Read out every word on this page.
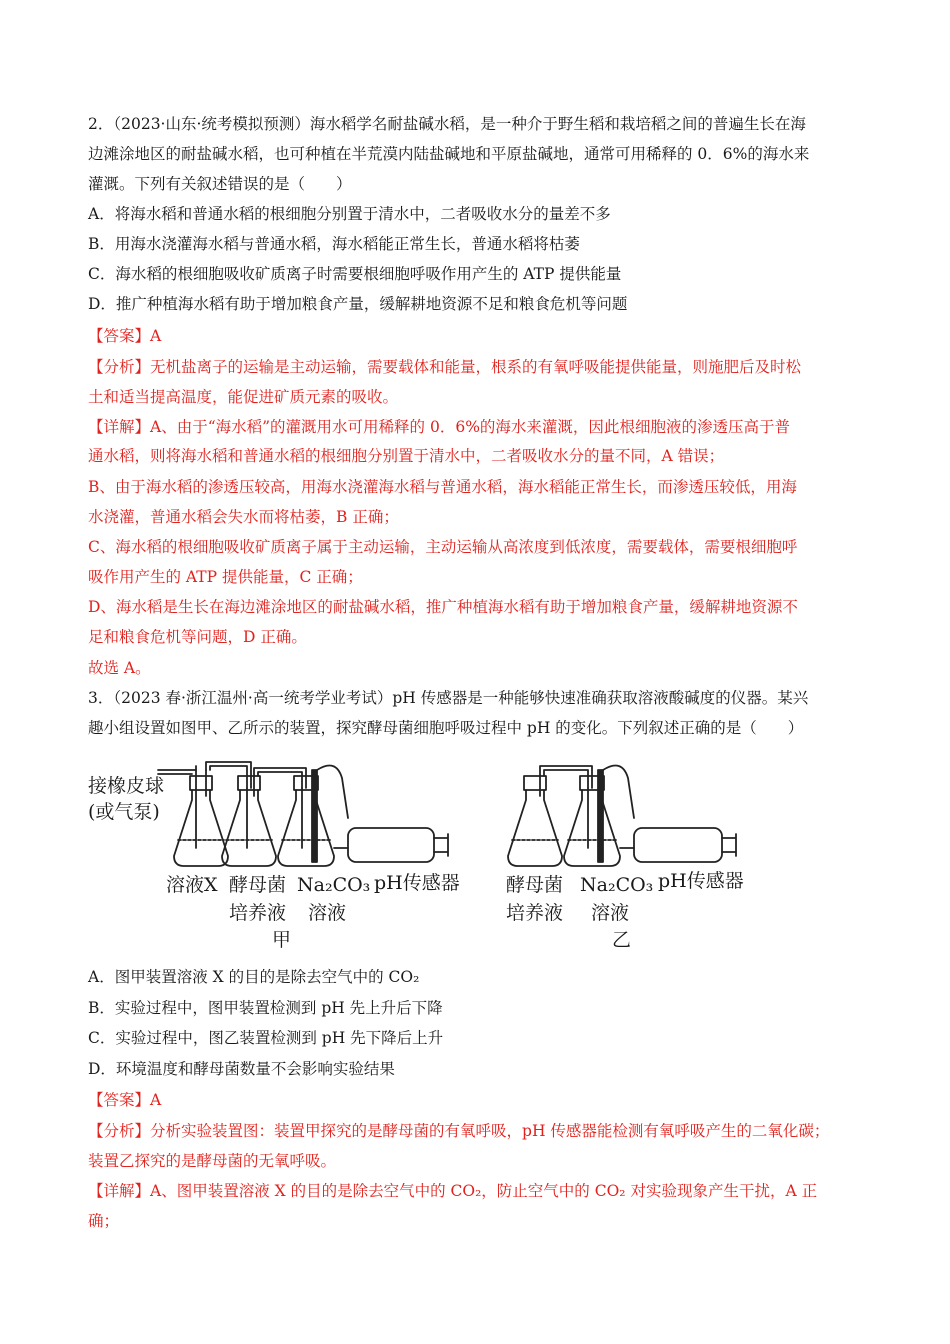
2．（2023·山东·统考模拟预测）海水稻学名耐盐碱水稻，是一种介于野生稻和栽培稻之间的普遍生长在海
边滩涂地区的耐盐碱水稻，也可种植在半荒漠内陆盐碱地和平原盐碱地，通常可用稀释的 0．6%的海水来
灌溉。下列有关叙述错误的是（　　）
A．将海水稻和普通水稻的根细胞分别置于清水中，二者吸收水分的量差不多
B．用海水浇灌海水稻与普通水稻，海水稻能正常生长，普通水稻将枯萎
C．海水稻的根细胞吸收矿质离子时需要根细胞呼吸作用产生的 ATP 提供能量
D．推广种植海水稻有助于增加粮食产量，缓解耕地资源不足和粮食危机等问题
【答案】A
【分析】无机盐离子的运输是主动运输，需要载体和能量，根系的有氧呼吸能提供能量，则施肥后及时松
土和适当提高温度，能促进矿质元素的吸收。
【详解】A、由于“海水稻”的灌溉用水可用稀释的 0．6%的海水来灌溉，因此根细胞液的渗透压高于普
通水稻，则将海水稻和普通水稻的根细胞分别置于清水中，二者吸收水分的量不同，A 错误；
B、由于海水稻的渗透压较高，用海水浇灌海水稻与普通水稻，海水稻能正常生长，而渗透压较低，用海
水浇灌，普通水稻会失水而将枯萎，B 正确；
C、海水稻的根细胞吸收矿质离子属于主动运输，主动运输从高浓度到低浓度，需要载体，需要根细胞呼
吸作用产生的 ATP 提供能量，C 正确；
D、海水稻是生长在海边滩涂地区的耐盐碱水稻，推广种植海水稻有助于增加粮食产量，缓解耕地资源不
足和粮食危机等问题，D 正确。
故选 A。
3．（2023 春·浙江温州·高一统考学业考试）pH 传感器是一种能够快速准确获取溶液酸碱度的仪器。某兴
趣小组设置如图甲、乙所示的装置，探究酵母菌细胞呼吸过程中 pH 的变化。下列叙述正确的是（　　）
接橡皮球
(或气泵)
溶液X 酵母菌
培养液
Na₂CO₃
溶液
pH传感器
甲
酵母菌
培养液
Na₂CO₃
溶液
pH传感器
乙
A．图甲装置溶液 X 的目的是除去空气中的 CO₂
B．实验过程中，图甲装置检测到 pH 先上升后下降
C．实验过程中，图乙装置检测到 pH 先下降后上升
D．环境温度和酵母菌数量不会影响实验结果
【答案】A
【分析】分析实验装置图：装置甲探究的是酵母菌的有氧呼吸，pH 传感器能检测有氧呼吸产生的二氧化碳；
装置乙探究的是酵母菌的无氧呼吸。
【详解】A、图甲装置溶液 X 的目的是除去空气中的 CO₂，防止空气中的 CO₂ 对实验现象产生干扰，A 正
确；
